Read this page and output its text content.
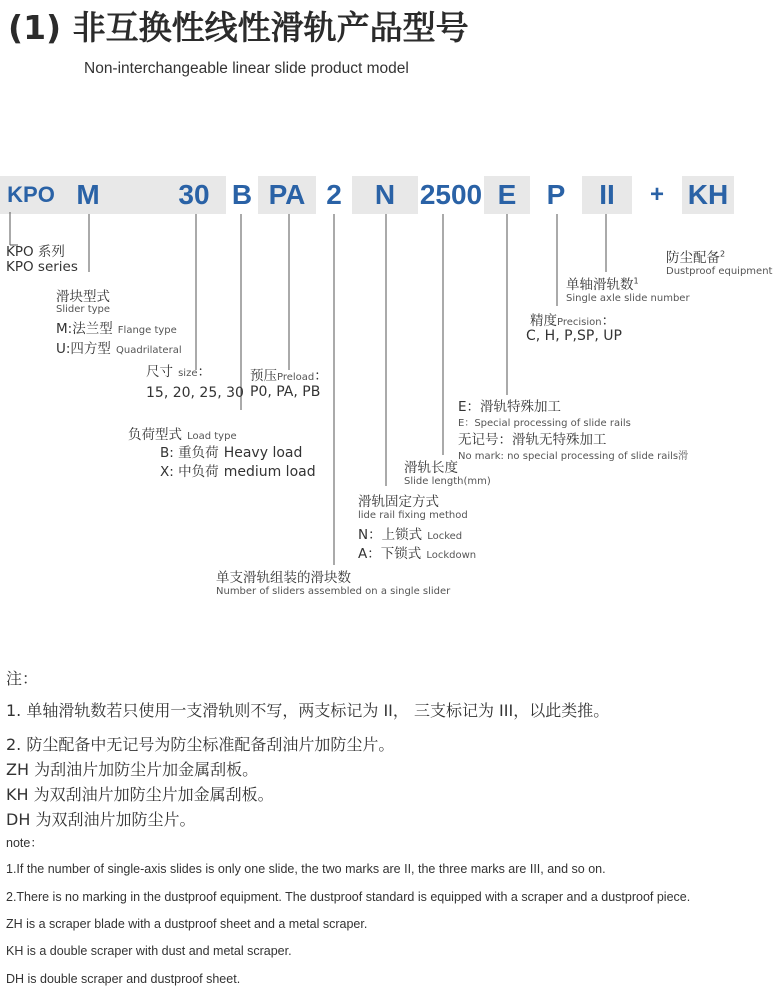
(1) 非互换性线性滑轨产品型号
Non-interchangeable linear slide product model
KPO M	30 B PA 2	N 2500 E	P	II	+ KH
KPO 系列
KPO series
滑块型式
Slider type
M:法兰型 Flange type
U:四方型 Quadrilateral
尺寸 size：
15, 20, 25, 30
预压Preload：
P0, PA, PB
负荷型式 Load type
B: 重负荷 Heavy load
X: 中负荷 medium load
单支滑轨组装的滑块数
Number of sliders assembled on a single slider
滑轨固定方式
lide rail fixing method
N：上锁式 Locked
A：下锁式 Lockdown
滑轨长度
Slide length(mm)
E：滑轨特殊加工
E：Special processing of slide rails
无记号：滑轨无特殊加工
No mark: no special processing of slide rails滑
精度Precision：
C, H, P,SP, UP
单轴滑轨数$^1$
Single axle slide number
防尘配备$^2$
Dustproof equipment
注：
1. 单轴滑轨数若只使用一支滑轨则不写，两支标记为 II， 三支标记为 III，以此类推。
2. 防尘配备中无记号为防尘标准配备刮油片加防尘片。
ZH 为刮油片加防尘片加金属刮板。
KH 为双刮油片加防尘片加金属刮板。
DH 为双刮油片加防尘片。
note：
1.If the number of single-axis slides is only one slide, the two marks are II, the three marks are III, and so on.
2.There is no marking in the dustproof equipment. The dustproof standard is equipped with a scraper and a dustproof piece.
ZH is a scraper blade with a dustproof sheet and a metal scraper.
KH is a double scraper with dust and metal scraper.
DH is double scraper and dustproof sheet.
